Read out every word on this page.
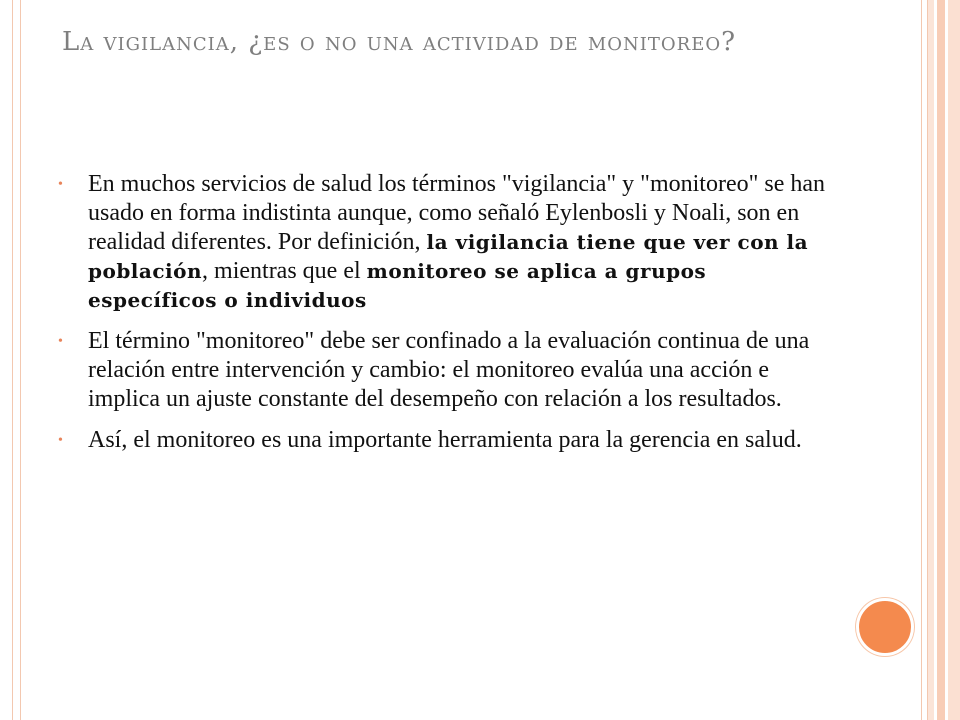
La vigilancia, ¿es o no una actividad de monitoreo?
• En muchos servicios de salud los términos "vigilancia" y "monitoreo" se han usado en forma indistinta aunque, como señaló Eylenbosli y Noali, son en realidad diferentes. Por definición, la vigilancia tiene que ver con la población, mientras que el monitoreo se aplica a grupos específicos o individuos
• El término "monitoreo" debe ser confinado a la evaluación continua de una relación entre intervención y cambio: el monitoreo evalúa una acción e implica un ajuste constante del desempeño con relación a los resultados.
• Así, el monitoreo es una importante herramienta para la gerencia en salud.
